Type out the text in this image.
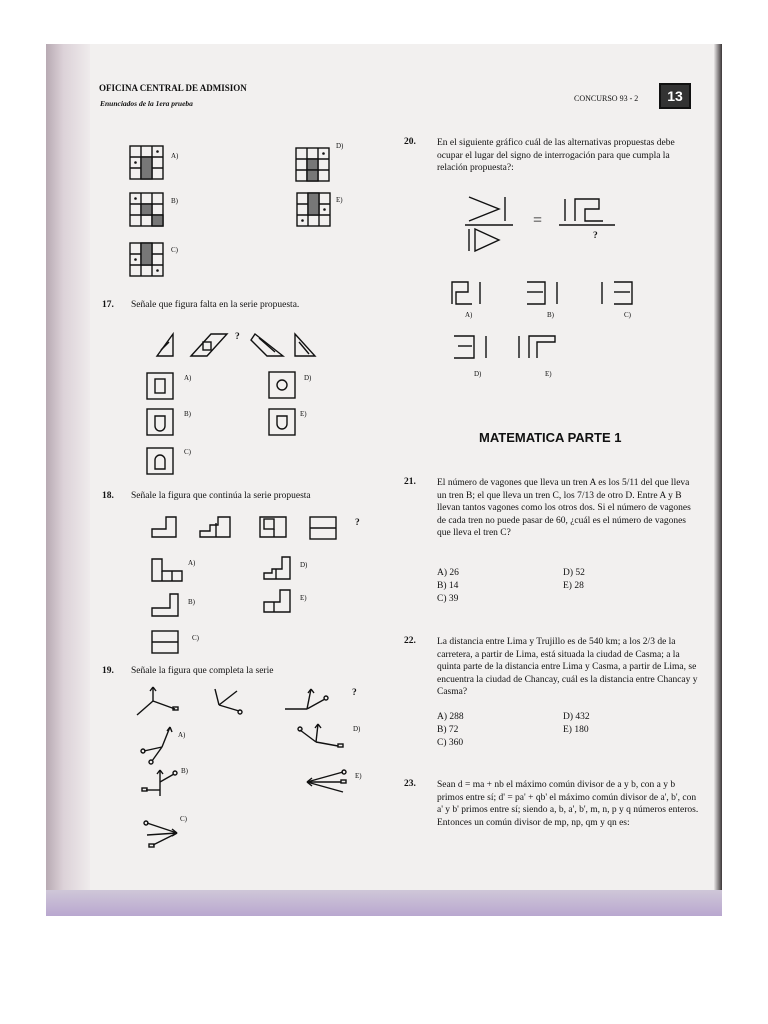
OFICINA CENTRAL DE ADMISION
Enunciados de la 1era prueba
CONCURSO 93 - 2	13
A)
B)
C)
D)
E)
17. Señale que figura falta en la serie propuesta.
?
A)
B)
C)
D)
E)
18. Señale la figura que continúa la serie propuesta
?
A)
B)
C)
D)
E)
19. Señale la figura que completa la serie
?
A)
B)
C)
D)
E)
20. En el siguiente gráfico cuál de las alternativas propuestas debe ocupar el lugar del signo de interrogación para que cumpla la relación propuesta?:
=
?
A)	B)	C)
D)	E)
MATEMATICA PARTE 1
21. El número de vagones que lleva un tren A es los 5/11 del que lleva un tren B; el que lleva un tren C, los 7/13 de otro D. Entre A y B llevan tantos vagones como los otros dos. Si el número de vagones de cada tren no puede pasar de 60, ¿cuál es el número de vagones que lleva el tren C?
A) 26
B) 14
C) 39
D) 52
E) 28
22. La distancia entre Lima y Trujillo es de 540 km; a los 2/3 de la carretera, a partir de Lima, está situada la ciudad de Casma; a la quinta parte de la distancia entre Lima y Casma, a partir de Lima, se encuentra la ciudad de Chancay, cuál es la distancia entre Chancay y Casma?
A) 288
B) 72
C) 360
D) 432
E) 180
23. Sean d = ma + nb el máximo común divisor de a y b, con a y b primos entre sí; d' = pa' + qb' el máximo común divisor de a', b', con a' y b' primos entre sí; siendo a, b, a', b', m, n, p y q números enteros. Entonces un común divisor de mp, np, qm y qn es:
